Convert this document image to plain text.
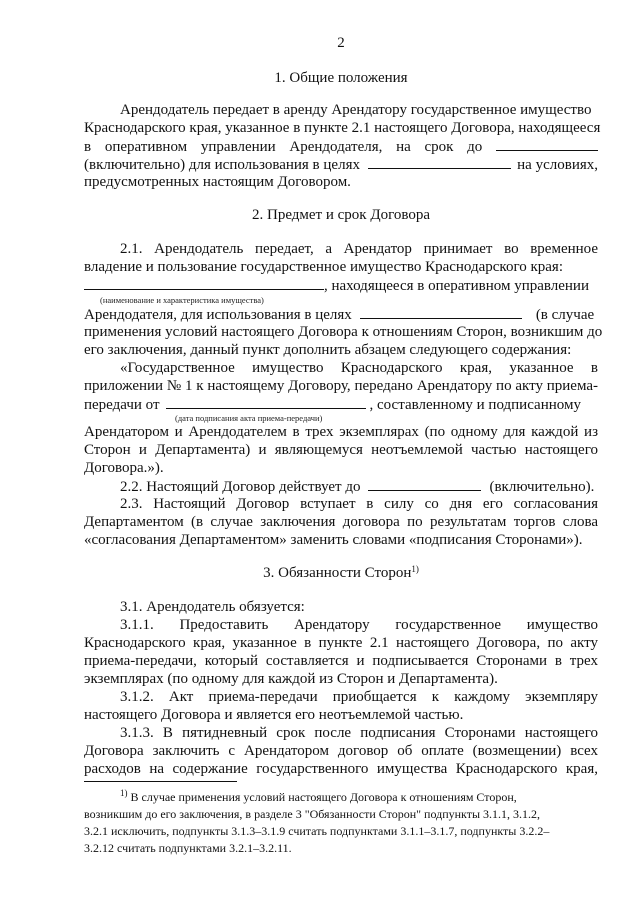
2
1. Общие положения
Арендодатель передает в аренду Арендатору государственное имущество
Краснодарского края, указанное в пункте 2.1 настоящего Договора, находящееся
в оперативном управлении Арендодателя, на срок до
(включительно) для использования в целях	на условиях,
предусмотренных настоящим Договором.
2. Предмет и срок Договора
2.1. Арендодатель передает, а Арендатор принимает во временное
владение и пользование государственное имущество Краснодарского края:
, находящееся в оперативном управлении
(наименование и характеристика имущества)
Арендодателя, для использования в целях	(в случае
применения условий настоящего Договора к отношениям Сторон, возникшим до
его заключения, данный пункт дополнить абзацем следующего содержания:
«Государственное имущество Краснодарского края, указанное в
приложении № 1 к настоящему Договору, передано Арендатору по акту приема-
передачи от	, составленному и подписанному
(дата подписания акта приема-передачи)
Арендатором и Арендодателем в трех экземплярах (по одному для каждой из
Сторон и Департамента) и являющемуся неотъемлемой частью настоящего
Договора.»).
2.2. Настоящий Договор действует до	(включительно).
2.3. Настоящий Договор вступает в силу со дня его согласования
Департаментом (в случае заключения договора по результатам торгов слова
«согласования Департаментом» заменить словами «подписания Сторонами»).
3. Обязанности Сторон$^{1)}$
3.1. Арендодатель обязуется:
3.1.1. Предоставить Арендатору государственное имущество
Краснодарского края, указанное в пункте 2.1 настоящего Договора, по акту
приема-передачи, который составляется и подписывается Сторонами в трех
экземплярах (по одному для каждой из Сторон и Департамента).
3.1.2. Акт приема-передачи приобщается к каждому экземпляру
настоящего Договора и является его неотъемлемой частью.
3.1.3. В пятидневный срок после подписания Сторонами настоящего
Договора заключить с Арендатором договор об оплате (возмещении) всех
расходов на содержание государственного имущества Краснодарского края,
$^{1)}$ В случае применения условий настоящего Договора к отношениям Сторон,
возникшим до его заключения, в разделе 3 "Обязанности Сторон" подпункты 3.1.1, 3.1.2,
3.2.1 исключить, подпункты 3.1.3–3.1.9 считать подпунктами 3.1.1–3.1.7, подпункты 3.2.2–
3.2.12 считать подпунктами 3.2.1–3.2.11.
